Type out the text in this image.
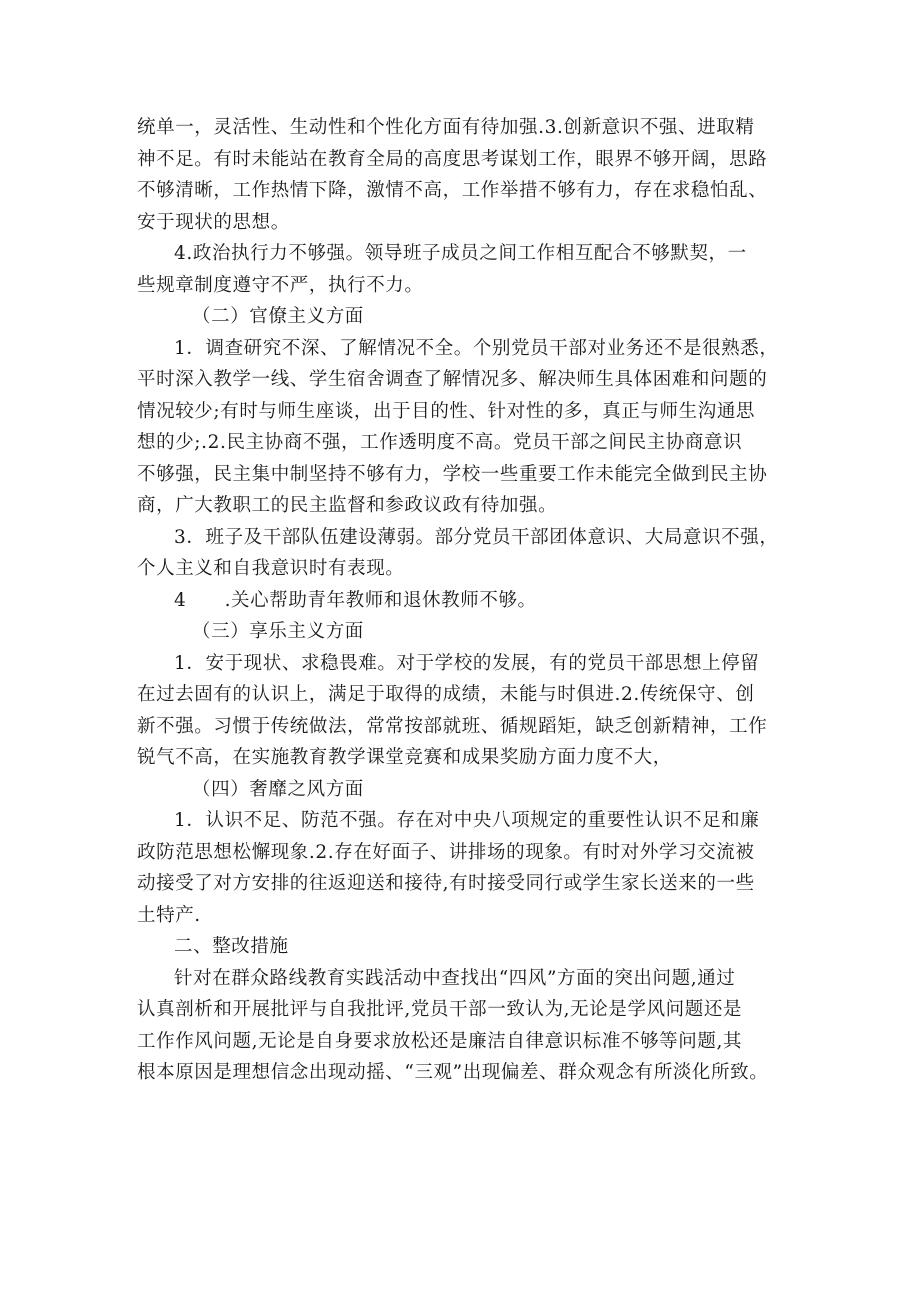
统单一，灵活性、生动性和个性化方面有待加强.3.创新意识不强、进取精
神不足。有时未能站在教育全局的高度思考谋划工作，眼界不够开阔，思路
不够清晰，工作热情下降，激情不高，工作举措不够有力，存在求稳怕乱、
安于现状的思想。

4.政治执行力不够强。领导班子成员之间工作相互配合不够默契，一
些规章制度遵守不严，执行不力。

（二）官僚主义方面

1．调查研究不深、了解情况不全。个别党员干部对业务还不是很熟悉，
平时深入教学一线、学生宿舍调查了解情况多、解决师生具体困难和问题的
情况较少;有时与师生座谈，出于目的性、针对性的多，真正与师生沟通思
想的少;.2.民主协商不强，工作透明度不高。党员干部之间民主协商意识
不够强，民主集中制坚持不够有力，学校一些重要工作未能完全做到民主协
商，广大教职工的民主监督和参政议政有待加强。

3．班子及干部队伍建设薄弱。部分党员干部团体意识、大局意识不强，
个人主义和自我意识时有表现。

4　　.关心帮助青年教师和退休教师不够。

（三）享乐主义方面

1．安于现状、求稳畏难。对于学校的发展，有的党员干部思想上停留
在过去固有的认识上，满足于取得的成绩，未能与时俱进.2.传统保守、创
新不强。习惯于传统做法，常常按部就班、循规蹈矩，缺乏创新精神，工作
锐气不高，在实施教育教学课堂竞赛和成果奖励方面力度不大，

（四）奢靡之风方面

1．认识不足、防范不强。存在对中央八项规定的重要性认识不足和廉
政防范思想松懈现象.2.存在好面子、讲排场的现象。有时对外学习交流被
动接受了对方安排的往返迎送和接待,有时接受同行或学生家长送来的一些
土特产.

二、整改措施

针对在群众路线教育实践活动中查找出“四风”方面的突出问题,通过
认真剖析和开展批评与自我批评,党员干部一致认为,无论是学风问题还是
工作作风问题,无论是自身要求放松还是廉洁自律意识标准不够等问题,其
根本原因是理想信念出现动摇、“三观”出现偏差、群众观念有所淡化所致。
